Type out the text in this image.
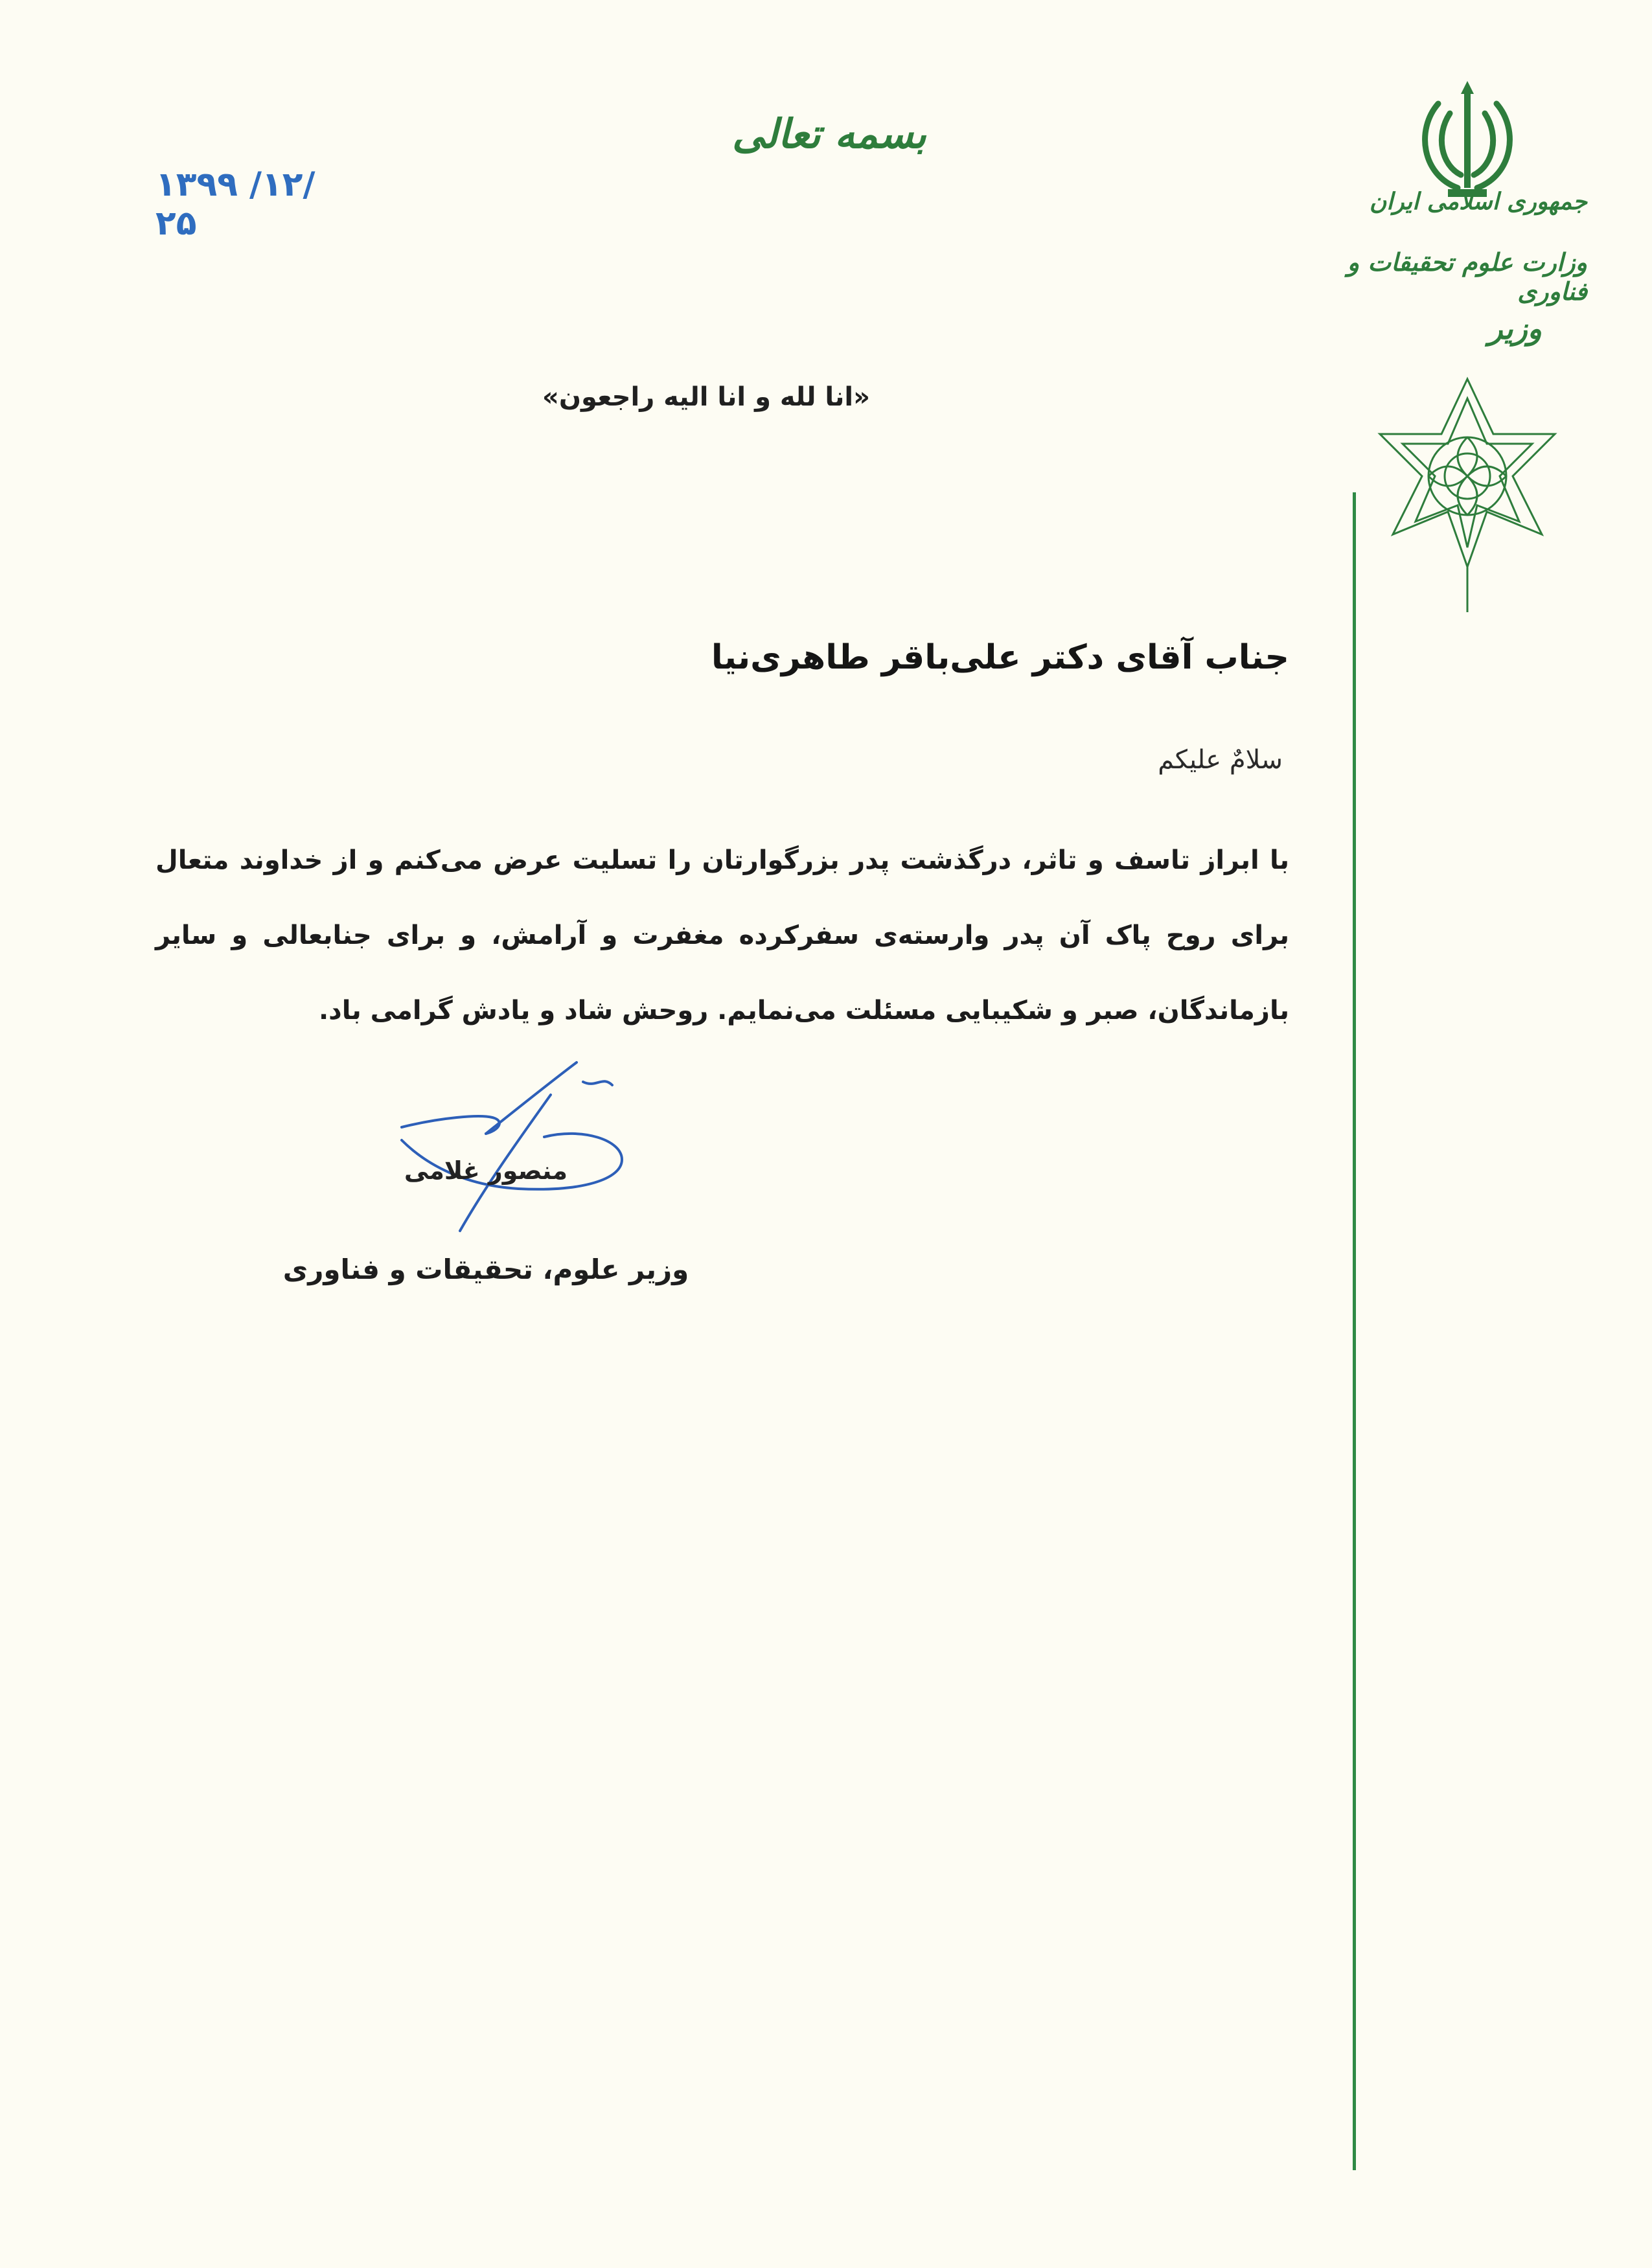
جمهوری اسلامی ایران
وزارت علوم تحقیقات و فناوری
وزیر
بسمه تعالی
۱۳۹۹ /۱۲/ ۲۵
«انا لله و انا الیه راجعون»
جناب آقای دکتر علی‌باقر طاهری‌نیا
سلامٌ علیکم
با ابراز تاسف و تاثر، درگذشت پدر بزرگوارتان را تسلیت عرض می‌کنم و از خداوند متعال برای روح پاک آن پدر وارسته‌ی سفرکرده مغفرت و آرامش، و برای جنابعالی و سایر بازماندگان، صبر و شکیبایی مسئلت می‌نمایم. روحش شاد و یادش گرامی باد.
منصور غلامی
وزیر علوم، تحقیقات و فناوری
